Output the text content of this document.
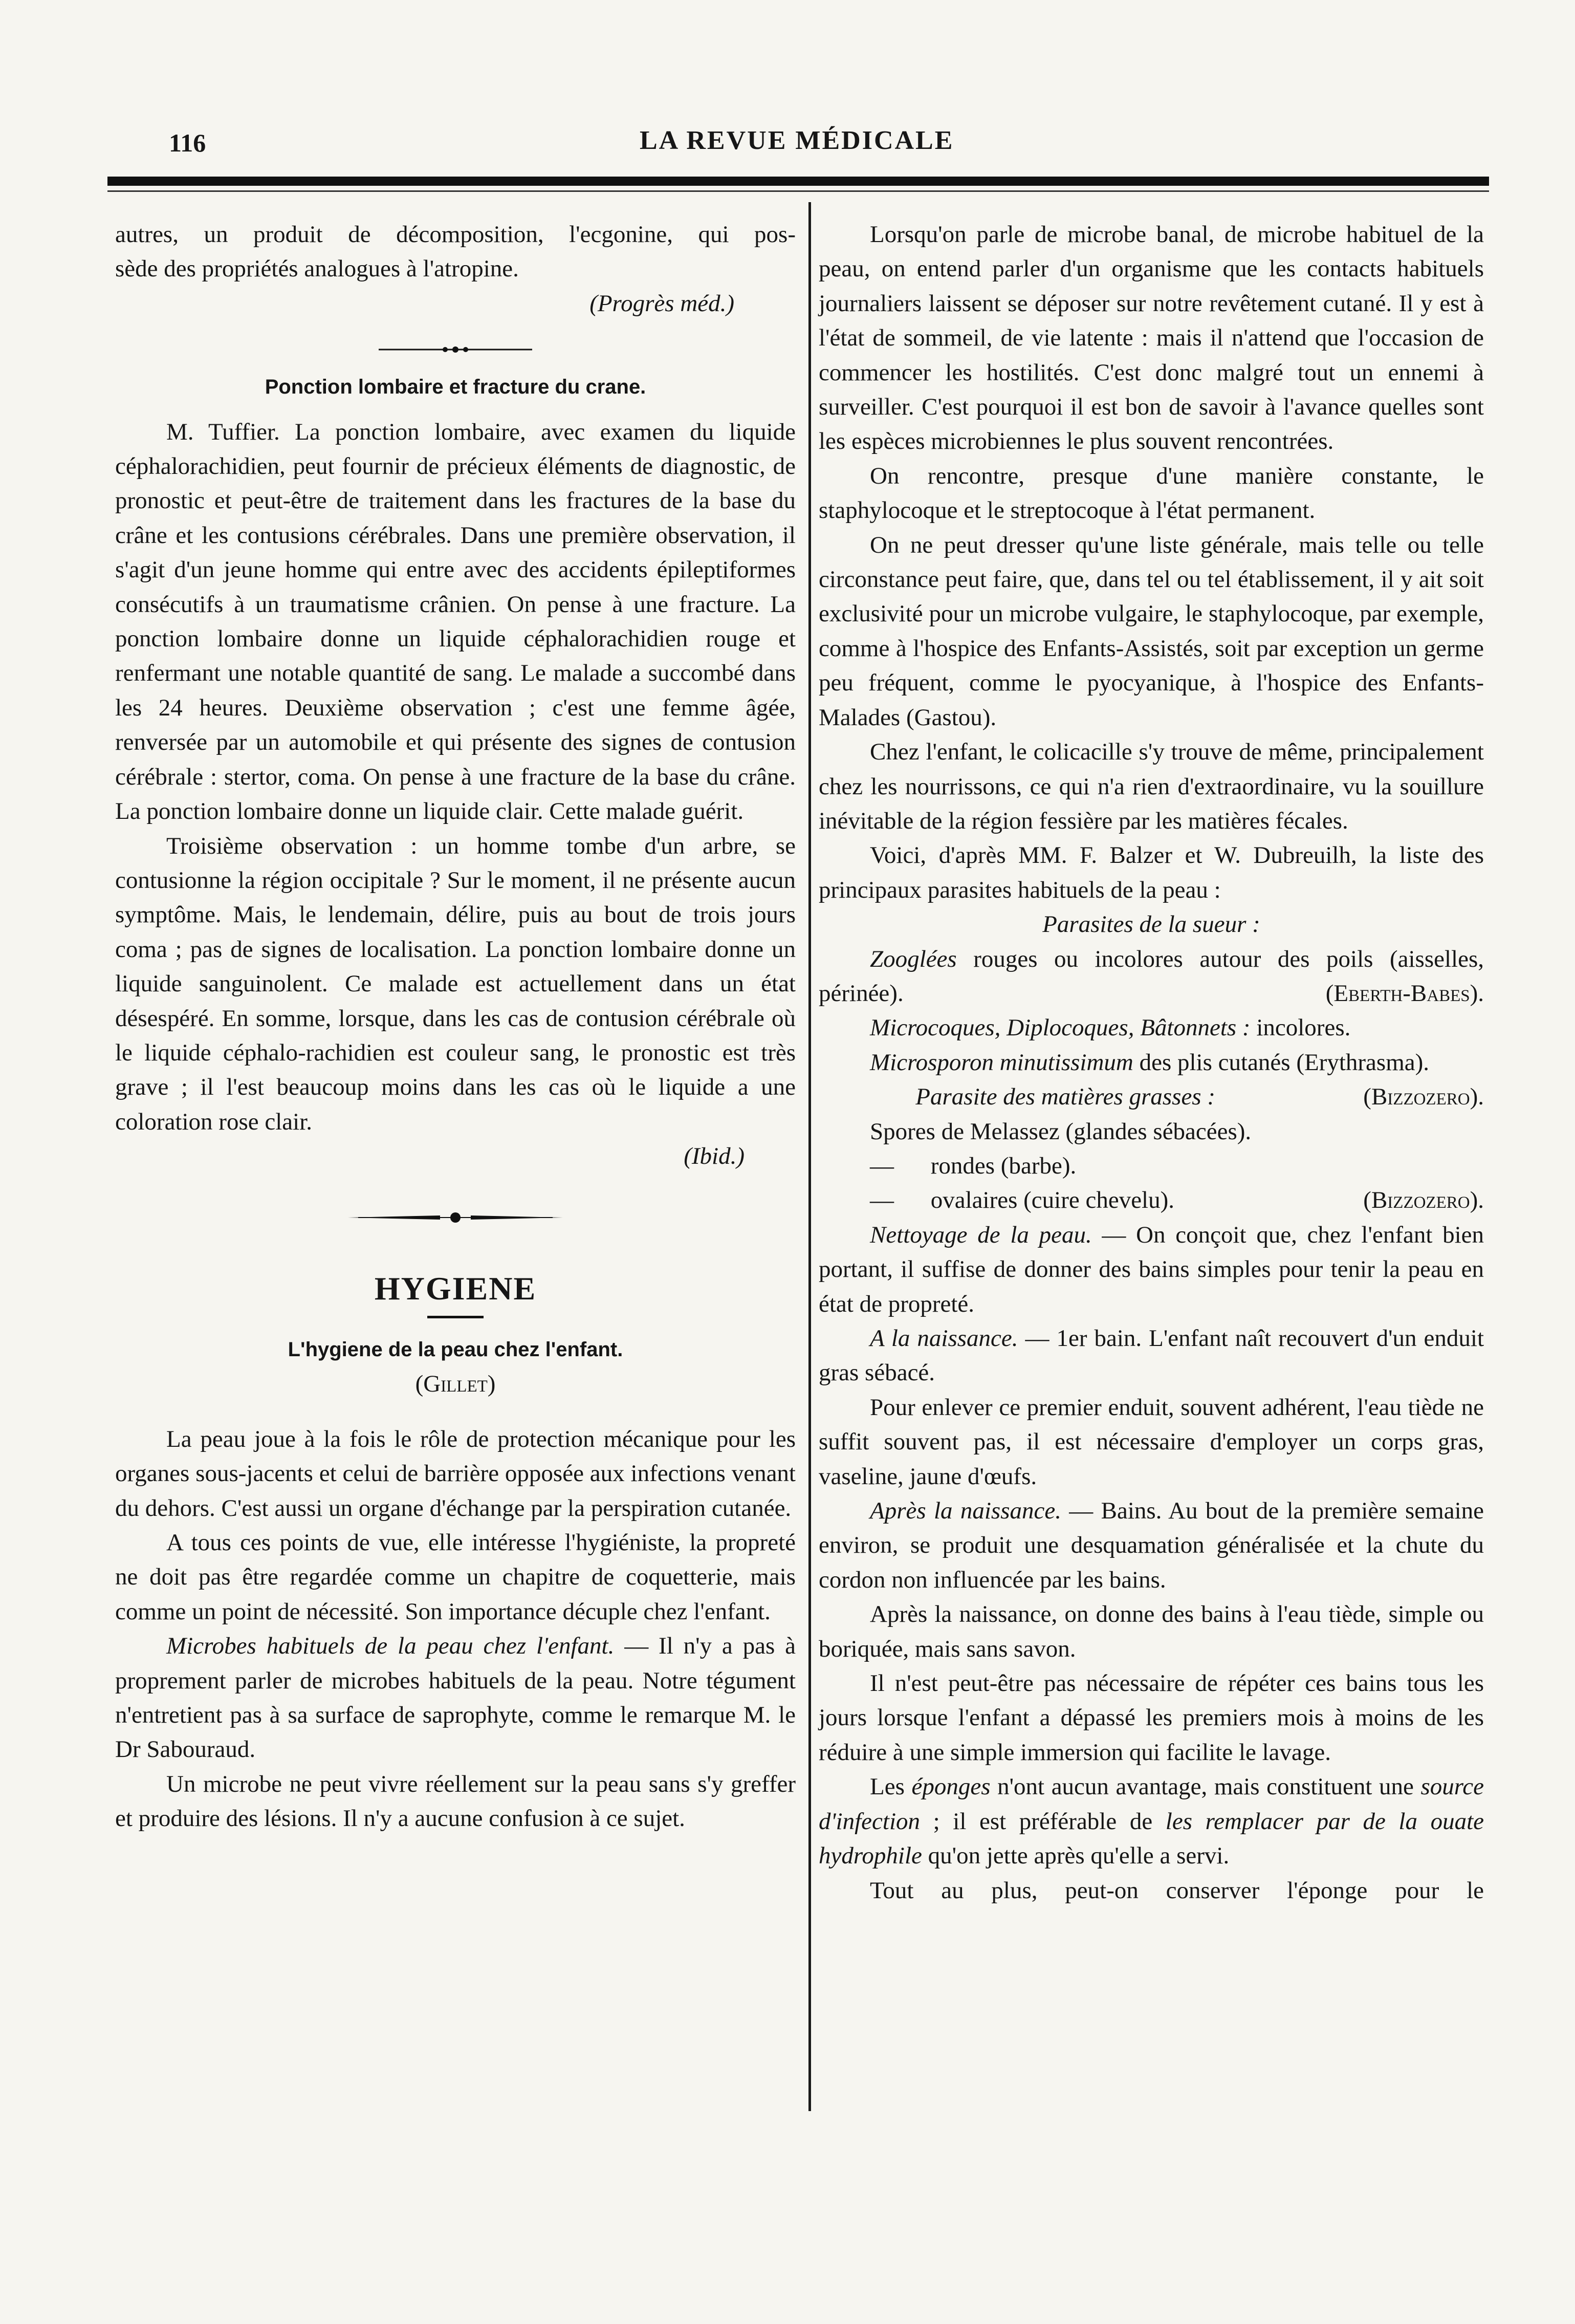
116	LA REVUE MÉDICALE

autres, un produit de décomposition, l'ecgonine, qui pos-

sède des propriétés analogues à l'atropine.

(Progrès méd.)

Ponction lombaire et fracture du crane.

M. Tuffier. La ponction lombaire, avec examen du liquide céphalorachidien, peut fournir de précieux éléments de diagnostic, de pronostic et peut-être de traitement dans les fractures de la base du crâne et les contusions cérébrales. Dans une première observation, il s'agit d'un jeune homme qui entre avec des accidents épileptiformes consécutifs à un traumatisme crânien. On pense à une fracture. La ponction lombaire donne un liquide céphalorachidien rouge et renfermant une notable quantité de sang. Le malade a succombé dans les 24 heures. Deuxième observation ; c'est une femme âgée, renversée par un automobile et qui présente des signes de contusion cérébrale : stertor, coma. On pense à une fracture de la base du crâne. La ponction lombaire donne un liquide clair. Cette malade guérit.

Troisième observation : un homme tombe d'un arbre, se contusionne la région occipitale ? Sur le moment, il ne présente aucun symptôme. Mais, le lendemain, délire, puis au bout de trois jours coma ; pas de signes de localisation. La ponction lombaire donne un liquide sanguinolent. Ce malade est actuellement dans un état désespéré. En somme, lorsque, dans les cas de contusion cérébrale où le liquide céphalo-rachidien est couleur sang, le pronostic est très grave ; il l'est beaucoup moins dans les cas où le liquide a une coloration rose clair.

(Ibid.)

HYGIENE

L'hygiene de la peau chez l'enfant.

(Gillet)

La peau joue à la fois le rôle de protection mécanique pour les organes sous-jacents et celui de barrière opposée aux infections venant du dehors. C'est aussi un organe d'échange par la perspiration cutanée.

A tous ces points de vue, elle intéresse l'hygiéniste, la propreté ne doit pas être regardée comme un chapitre de coquetterie, mais comme un point de nécessité. Son importance décuple chez l'enfant.

Microbes habituels de la peau chez l'enfant. — Il n'y a pas à proprement parler de microbes habituels de la peau. Notre tégument n'entretient pas à sa surface de saprophyte, comme le remarque M. le Dr Sabouraud.

Un microbe ne peut vivre réellement sur la peau sans s'y greffer et produire des lésions. Il n'y a aucune confusion à ce sujet.

Lorsqu'on parle de microbe banal, de microbe habituel de la peau, on entend parler d'un organisme que les contacts habituels journaliers laissent se déposer sur notre revêtement cutané. Il y est à l'état de sommeil, de vie latente : mais il n'attend que l'occasion de commencer les hostilités. C'est donc malgré tout un ennemi à surveiller. C'est pourquoi il est bon de savoir à l'avance quelles sont les espèces microbiennes le plus souvent rencontrées.

On rencontre, presque d'une manière constante, le staphylocoque et le streptocoque à l'état permanent.

On ne peut dresser qu'une liste générale, mais telle ou telle circonstance peut faire, que, dans tel ou tel établissement, il y ait soit exclusivité pour un microbe vulgaire, le staphylocoque, par exemple, comme à l'hospice des Enfants-Assistés, soit par exception un germe peu fréquent, comme le pyocyanique, à l'hospice des Enfants-Malades (Gastou).

Chez l'enfant, le colicacille s'y trouve de même, principalement chez les nourrissons, ce qui n'a rien d'extraordinaire, vu la souillure inévitable de la région fessière par les matières fécales.

Voici, d'après MM. F. Balzer et W. Dubreuilh, la liste des principaux parasites habituels de la peau :

Parasites de la sueur :

Zooglées rouges ou incolores autour des poils (aisselles, périnée).	(Eberth-Babes).

Microcoques, Diplocoques, Bâtonnets : incolores.

Microsporon minutissimum des plis cutanés (Erythrasma).
(Bizzozero).

Parasite des matières grasses :

Spores de Melassez (glandes sébacées).

— rondes (barbe).

— ovalaires (cuire chevelu).	(Bizzozero).

Nettoyage de la peau. — On conçoit que, chez l'enfant bien portant, il suffise de donner des bains simples pour tenir la peau en état de propreté.

A la naissance. — 1er bain. L'enfant naît recouvert d'un enduit gras sébacé.

Pour enlever ce premier enduit, souvent adhérent, l'eau tiède ne suffit souvent pas, il est nécessaire d'employer un corps gras, vaseline, jaune d'œufs.

Après la naissance. — Bains. Au bout de la première semaine environ, se produit une desquamation généralisée et la chute du cordon non influencée par les bains.

Après la naissance, on donne des bains à l'eau tiède, simple ou boriquée, mais sans savon.

Il n'est peut-être pas nécessaire de répéter ces bains tous les jours lorsque l'enfant a dépassé les premiers mois à moins de les réduire à une simple immersion qui facilite le lavage.

Les éponges n'ont aucun avantage, mais constituent une source d'infection ; il est préférable de les remplacer par de la ouate hydrophile qu'on jette après qu'elle a servi.

Tout au plus, peut-on conserver l'éponge pour le
